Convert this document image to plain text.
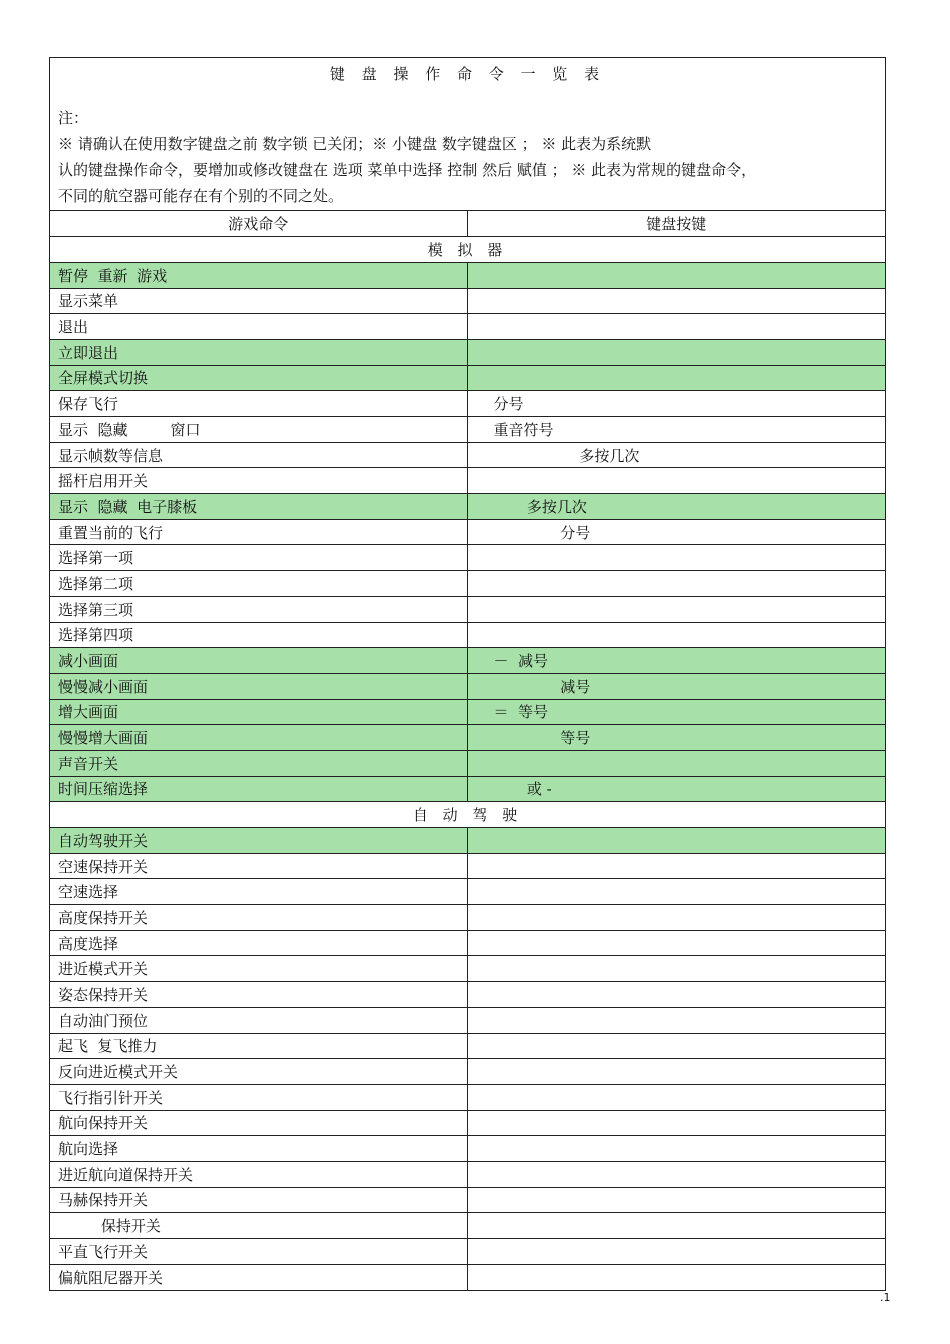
键 盘 操 作 命 令 一 览 表
注：
※ 请确认在使用数字键盘之前 数字锁 已关闭；※ 小键盘 数字键盘区 ； ※ 此表为系统默
认的键盘操作命令，要增加或修改键盘在 选项 菜单中选择 控制 然后 赋值 ； ※ 此表为常规的键盘命令，
不同的航空器可能存在有个别的不同之处。
游戏命令	键盘按键
模 拟 器	
暂停  重新  游戏	
显示菜单	
退出	
立即退出	
全屏模式切换	
保存飞行	分号
显示  隐藏         窗口	重音符号
显示帧数等信息	多按几次
摇杆启用开关	
显示  隐藏  电子膝板	多按几次
重置当前的飞行	分号
选择第一项	
选择第二项	
选择第三项	
选择第四项	
减小画面	－  减号
慢慢减小画面	减号
增大画面	＝  等号
慢慢增大画面	等号
声音开关	
时间压缩选择	或 -
自 动 驾 驶	
自动驾驶开关	
空速保持开关	
空速选择	
高度保持开关	
高度选择	
进近模式开关	
姿态保持开关	
自动油门预位	
起飞  复飞推力	
反向进近模式开关	
飞行指引针开关	
航向保持开关	
航向选择	
进近航向道保持开关	
马赫保持开关	
保持开关	
平直飞行开关	
偏航阻尼器开关	
.1
